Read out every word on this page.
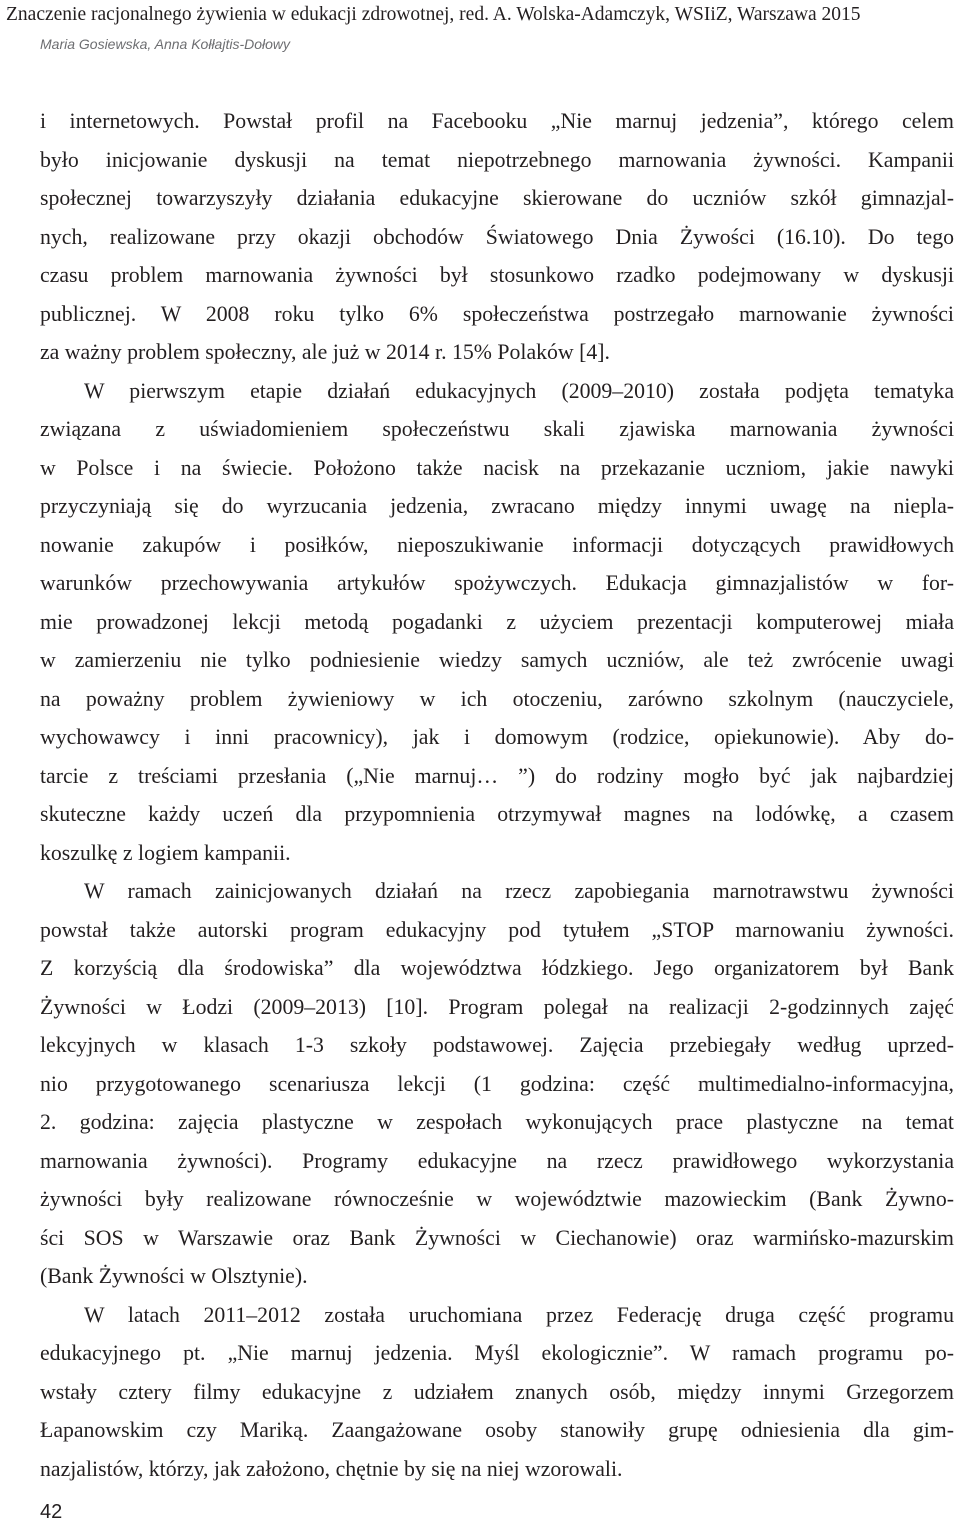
Znaczenie racjonalnego żywienia w edukacji zdrowotnej, red. A. Wolska-Adamczyk, WSIiZ, Warszawa 2015
Maria Gosiewska, Anna Kołłajtis-Dołowy
i internetowych. Powstał profil na Facebooku „Nie marnuj jedzenia”, którego celem
było inicjowanie dyskusji na temat niepotrzebnego marnowania żywności. Kampanii
społecznej towarzyszyły działania edukacyjne skierowane do uczniów szkół gimnazjal-
nych, realizowane przy okazji obchodów Światowego Dnia Żywości (16.10). Do tego
czasu problem marnowania żywności był stosunkowo rzadko podejmowany w dyskusji
publicznej. W 2008 roku tylko 6% społeczeństwa postrzegało marnowanie żywności
za ważny problem społeczny, ale już w 2014 r. 15% Polaków [4].
W pierwszym etapie działań edukacyjnych (2009–2010) została podjęta tematyka
związana z uświadomieniem społeczeństwu skali zjawiska marnowania żywności
w Polsce i na świecie. Położono także nacisk na przekazanie uczniom, jakie nawyki
przyczyniają się do wyrzucania jedzenia, zwracano między innymi uwagę na nieplа-
nowanie zakupów i posiłków, nieposzukiwanie informacji dotyczących prawidłowych
warunków przechowywania artykułów spożywczych. Edukacja gimnazjalistów w for-
mie prowadzonej lekcji metodą pogadanki z użyciem prezentacji komputerowej miała
w zamierzeniu nie tylko podniesienie wiedzy samych uczniów, ale też zwrócenie uwagi
na poważny problem żywieniowy w ich otoczeniu, zarówno szkolnym (nauczyciele,
wychowawcy i inni pracownicy), jak i domowym (rodzice, opiekunowie). Aby do-
tarcie z treściami przesłania („Nie marnuj… ”) do rodziny mogło być jak najbardziej
skuteczne każdy uczeń dla przypomnienia otrzymywał magnes na lodówkę, a czasem
koszulkę z logiem kampanii.
W ramach zainicjowanych działań na rzecz zapobiegania marnotrawstwu żywności
powstał także autorski program edukacyjny pod tytułem „STOP marnowaniu żywności.
Z korzyścią dla środowiska” dla województwa łódzkiego. Jego organizatorem był Bank
Żywności w Łodzi (2009–2013) [10]. Program polegał na realizacji 2-godzinnych zajęć
lekcyjnych w klasach 1-3 szkoły podstawowej. Zajęcia przebiegały według uprzed-
nio przygotowanego scenariusza lekcji (1 godzina: część multimedialno-informacyjna,
2. godzina: zajęcia plastyczne w zespołach wykonujących prace plastyczne na temat
marnowania żywności). Programy edukacyjne na rzecz prawidłowego wykorzystania
żywności były realizowane równocześnie w województwie mazowieckim (Bank Żywno-
ści SOS w Warszawie oraz Bank Żywności w Ciechanowie) oraz warmińsko-mazurskim
(Bank Żywności w Olsztynie).
W latach 2011–2012 została uruchomiana przez Federację druga część programu
edukacyjnego pt. „Nie marnuj jedzenia. Myśl ekologicznie”. W ramach programu po-
wstały cztery filmy edukacyjne z udziałem znanych osób, między innymi Grzegorzem
Łapanowskim czy Mariką. Zaangażowane osoby stanowiły grupę odniesienia dla gim-
nazjalistów, którzy, jak założono, chętnie by się na niej wzorowali.
42
